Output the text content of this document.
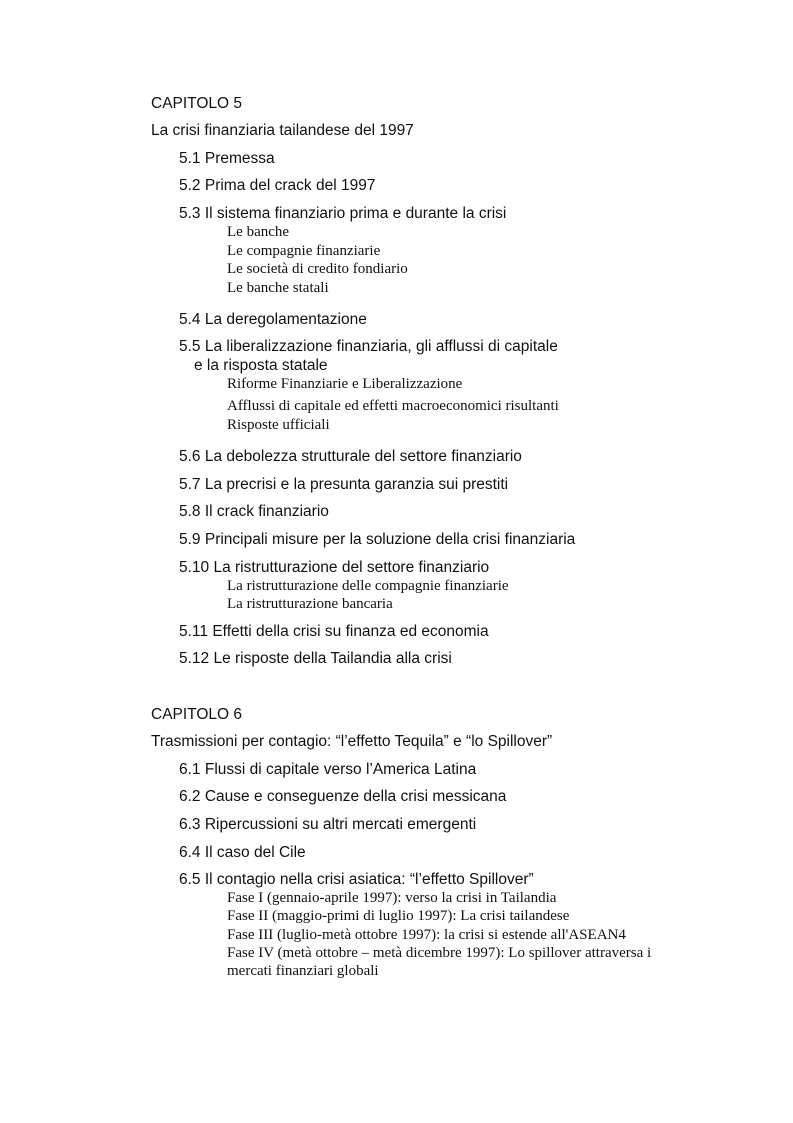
CAPITOLO 5

La crisi finanziaria tailandese del 1997

5.1 Premessa

5.2 Prima del crack del 1997

5.3 Il sistema finanziario prima e durante la crisi

Le banche

Le compagnie finanziarie

Le società di credito fondiario

Le banche statali

5.4 La deregolamentazione

5.5 La liberalizzazione finanziaria, gli afflussi di capitale

e la risposta statale

Riforme Finanziarie e Liberalizzazione

Afflussi di capitale ed effetti macroeconomici risultanti

Risposte ufficiali

5.6 La debolezza strutturale del settore finanziario

5.7 La precrisi e la presunta garanzia sui prestiti

5.8 Il crack finanziario

5.9 Principali misure per la soluzione della crisi finanziaria

5.10 La ristrutturazione del settore finanziario

La ristrutturazione delle compagnie finanziarie

La ristrutturazione bancaria

5.11 Effetti della crisi su finanza ed economia

5.12 Le risposte della Tailandia alla crisi

CAPITOLO 6

Trasmissioni per contagio: “l’effetto Tequila” e “lo Spillover”

6.1 Flussi di capitale verso l’America Latina

6.2 Cause e conseguenze della crisi messicana

6.3 Ripercussioni su altri mercati emergenti

6.4 Il caso del Cile

6.5 Il contagio nella crisi asiatica: “l’effetto Spillover”

Fase I (gennaio-aprile 1997): verso la crisi in Tailandia

Fase II (maggio-primi di luglio 1997): La crisi tailandese

Fase III (luglio-metà ottobre 1997): la crisi si estende all'ASEAN4

Fase IV (metà ottobre – metà dicembre 1997): Lo spillover attraversa i

mercati finanziari globali
